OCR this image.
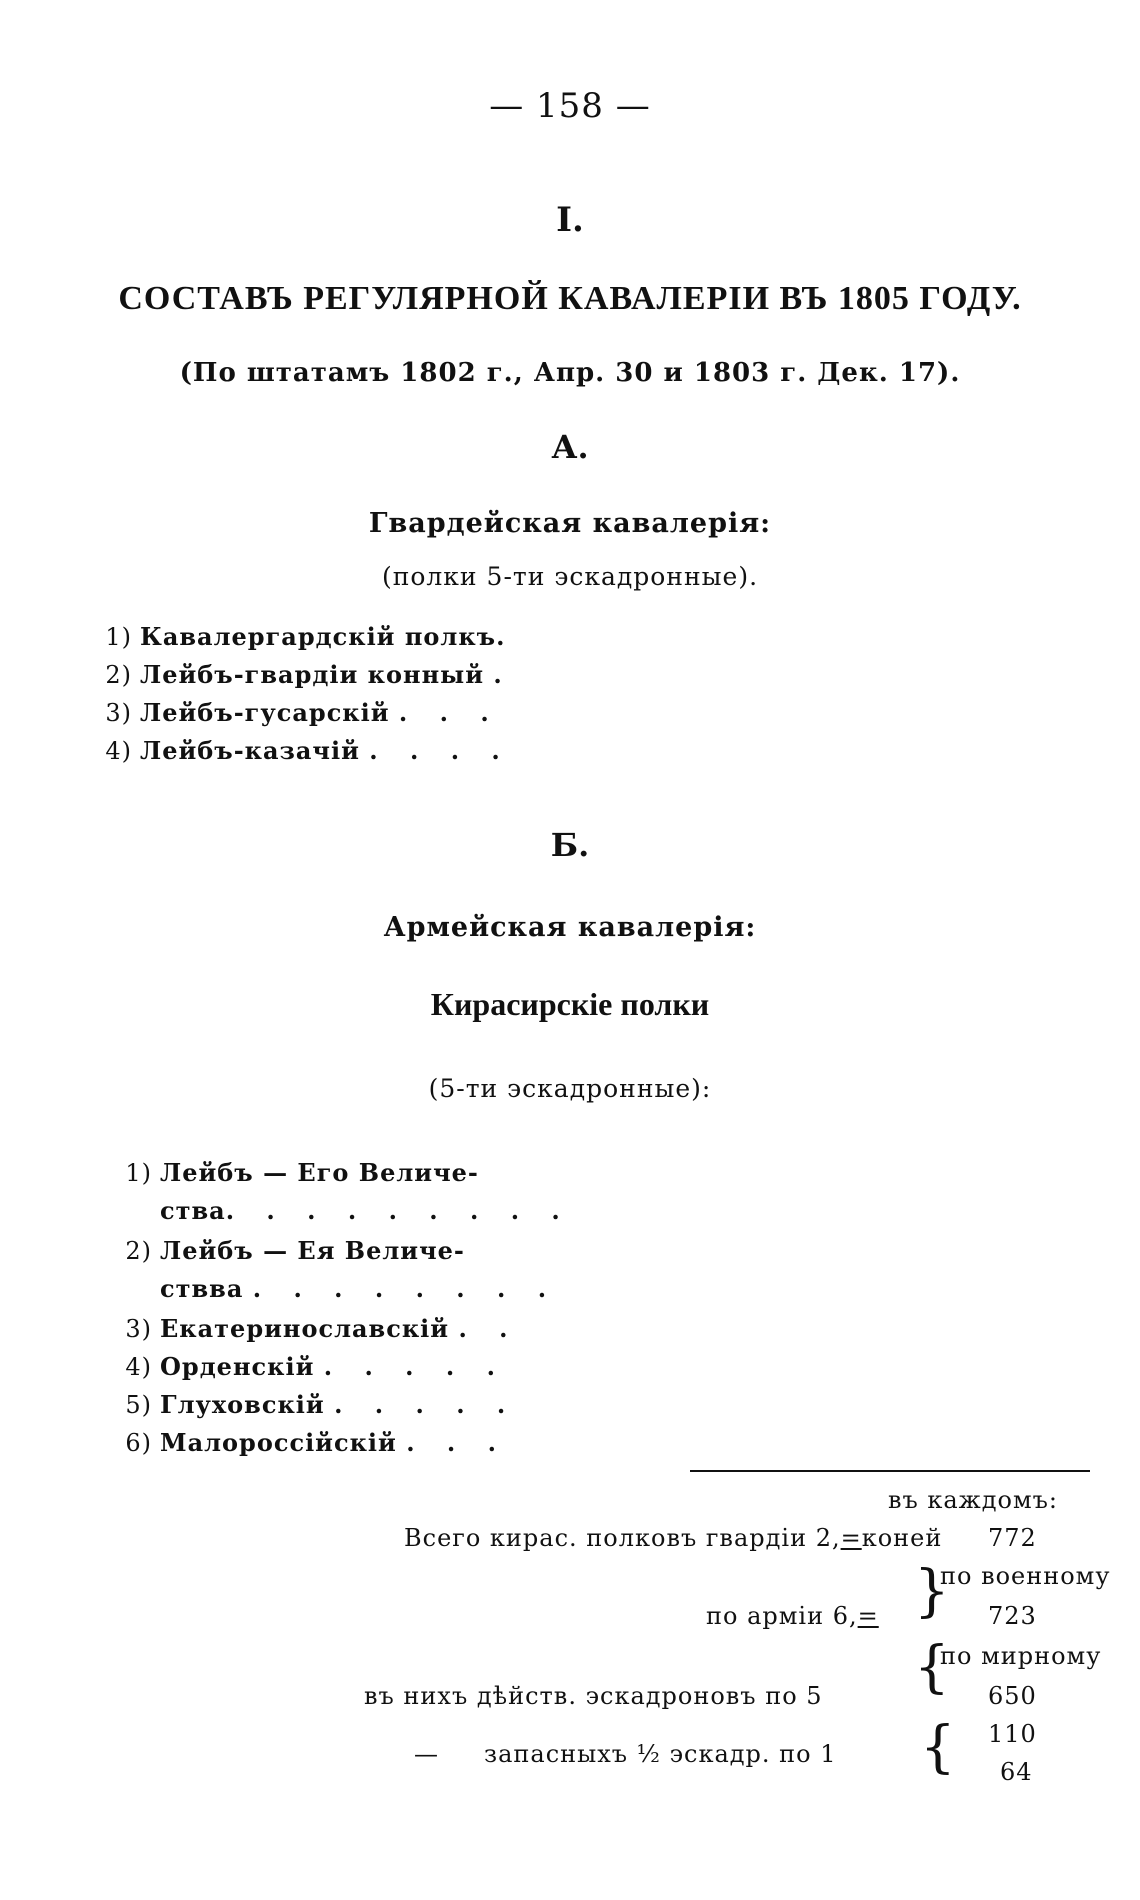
— 158 —
I.
СОСТАВЪ РЕГУЛЯРНОЙ КАВАЛЕРІИ ВЪ 1805 ГОДУ.
(По штатамъ 1802 г., Апр. 30 и 1803 г. Дек. 17).
А.
Гвардейская кавалерія:
(полки 5-ти эскадронные).
1) Кавалергардскій полкъ.
2) Лейбъ-гвардіи конный .
3) Лейбъ-гусарскій . . .
4) Лейбъ-казачій . . . .
Б.
Армейская кавалерія:
Кирасирскіе полки
(5-ти эскадронные):
1) Лейбъ — Его Величе-
ства. . . . . . . . .
2) Лейбъ — Ея Величе-
ствва . . . . . . . .
3) Екатеринославскій . .
4) Орденскій . . . . .
5) Глуховскій . . . . .
6) Малороссійскій . . .
въ каждомъ:
Всего кирас. полковъ гвардіи 2,=коней 772
}
по военному
по арміи 6,=	723
{
по мирному
въ нихъ дѣйств. эскадроновъ по 5	650
{ 110
— запасныхъ ½ эскадр. по 1
64
